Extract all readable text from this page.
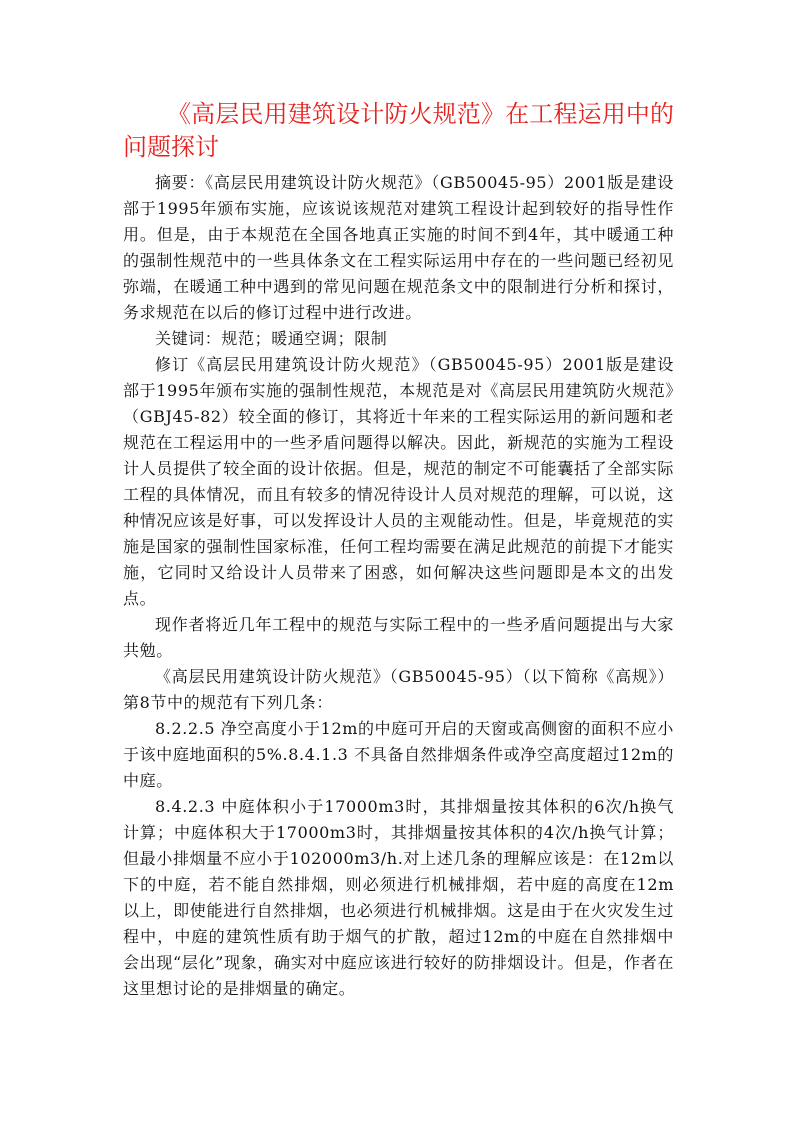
《高层民用建筑设计防火规范》在工程运用中的问题探讨

摘要：《高层民用建筑设计防火规范》（GB50045-95）2001版是建设部于1995年颁布实施，应该说该规范对建筑工程设计起到较好的指导性作用。但是，由于本规范在全国各地真正实施的时间不到4年，其中暖通工种的强制性规范中的一些具体条文在工程实际运用中存在的一些问题已经初见弥端，在暖通工种中遇到的常见问题在规范条文中的限制进行分析和探讨，务求规范在以后的修订过程中进行改进。

关键词：规范；暖通空调；限制

修订《高层民用建筑设计防火规范》（GB50045-95）2001版是建设部于1995年颁布实施的强制性规范，本规范是对《高层民用建筑防火规范》（GBJ45-82）较全面的修订，其将近十年来的工程实际运用的新问题和老规范在工程运用中的一些矛盾问题得以解决。因此，新规范的实施为工程设计人员提供了较全面的设计依据。但是，规范的制定不可能囊括了全部实际工程的具体情况，而且有较多的情况待设计人员对规范的理解，可以说，这种情况应该是好事，可以发挥设计人员的主观能动性。但是，毕竟规范的实施是国家的强制性国家标准，任何工程均需要在满足此规范的前提下才能实施，它同时又给设计人员带来了困惑，如何解决这些问题即是本文的出发点。

现作者将近几年工程中的规范与实际工程中的一些矛盾问题提出与大家共勉。

《高层民用建筑设计防火规范》（GB50045-95）（以下简称《高规》）第8节中的规范有下列几条：

8.2.2.5 净空高度小于12m的中庭可开启的天窗或高侧窗的面积不应小于该中庭地面积的5%.8.4.1.3 不具备自然排烟条件或净空高度超过12m的中庭。

8.4.2.3 中庭体积小于17000m3时，其排烟量按其体积的6次/h换气计算；中庭体积大于17000m3时，其排烟量按其体积的4次/h换气计算；但最小排烟量不应小于102000m3/h.对上述几条的理解应该是：在12m以下的中庭，若不能自然排烟，则必须进行机械排烟，若中庭的高度在12m以上，即使能进行自然排烟，也必须进行机械排烟。这是由于在火灾发生过程中，中庭的建筑性质有助于烟气的扩散，超过12m的中庭在自然排烟中会出现“层化”现象，确实对中庭应该进行较好的防排烟设计。但是，作者在这里想讨论的是排烟量的确定。
